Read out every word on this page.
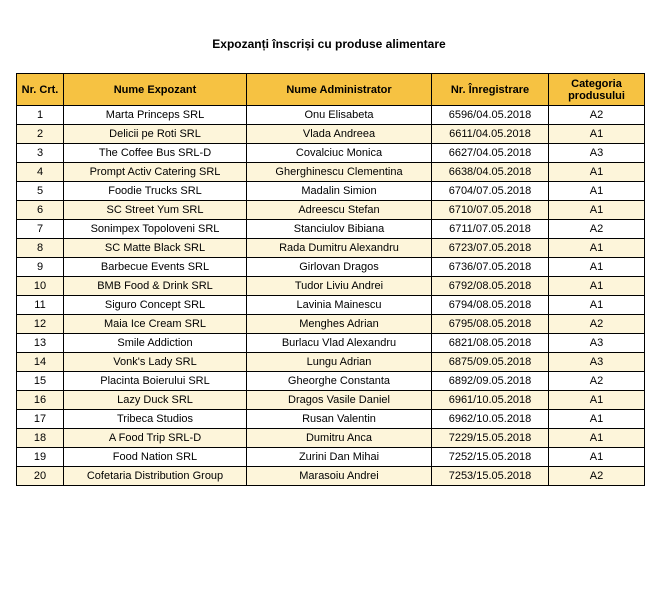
Expozanți înscriși cu produse alimentare
Nr. Crt.	Nume Expozant	Nume Administrator	Nr. Înregistrare	Categoria produsului
1	Marta Princeps SRL	Onu Elisabeta	6596/04.05.2018	A2
2	Delicii pe Roti SRL	Vlada Andreea	6611/04.05.2018	A1
3	The Coffee Bus SRL-D	Covalciuc Monica	6627/04.05.2018	A3
4	Prompt Activ Catering SRL	Gherghinescu Clementina	6638/04.05.2018	A1
5	Foodie Trucks SRL	Madalin Simion	6704/07.05.2018	A1
6	SC Street Yum SRL	Adreescu Stefan	6710/07.05.2018	A1
7	Sonimpex Topoloveni SRL	Stanciulov Bibiana	6711/07.05.2018	A2
8	SC Matte Black SRL	Rada Dumitru Alexandru	6723/07.05.2018	A1
9	Barbecue Events SRL	Girlovan Dragos	6736/07.05.2018	A1
10	BMB Food & Drink SRL	Tudor Liviu Andrei	6792/08.05.2018	A1
11	Siguro Concept SRL	Lavinia Mainescu	6794/08.05.2018	A1
12	Maia Ice Cream SRL	Menghes Adrian	6795/08.05.2018	A2
13	Smile Addiction	Burlacu Vlad Alexandru	6821/08.05.2018	A3
14	Vonk's Lady SRL	Lungu Adrian	6875/09.05.2018	A3
15	Placinta Boierului SRL	Gheorghe Constanta	6892/09.05.2018	A2
16	Lazy Duck SRL	Dragos Vasile Daniel	6961/10.05.2018	A1
17	Tribeca Studios	Rusan Valentin	6962/10.05.2018	A1
18	A Food Trip SRL-D	Dumitru Anca	7229/15.05.2018	A1
19	Food Nation SRL	Zurini Dan Mihai	7252/15.05.2018	A1
20	Cofetaria Distribution Group	Marasoiu Andrei	7253/15.05.2018	A2
